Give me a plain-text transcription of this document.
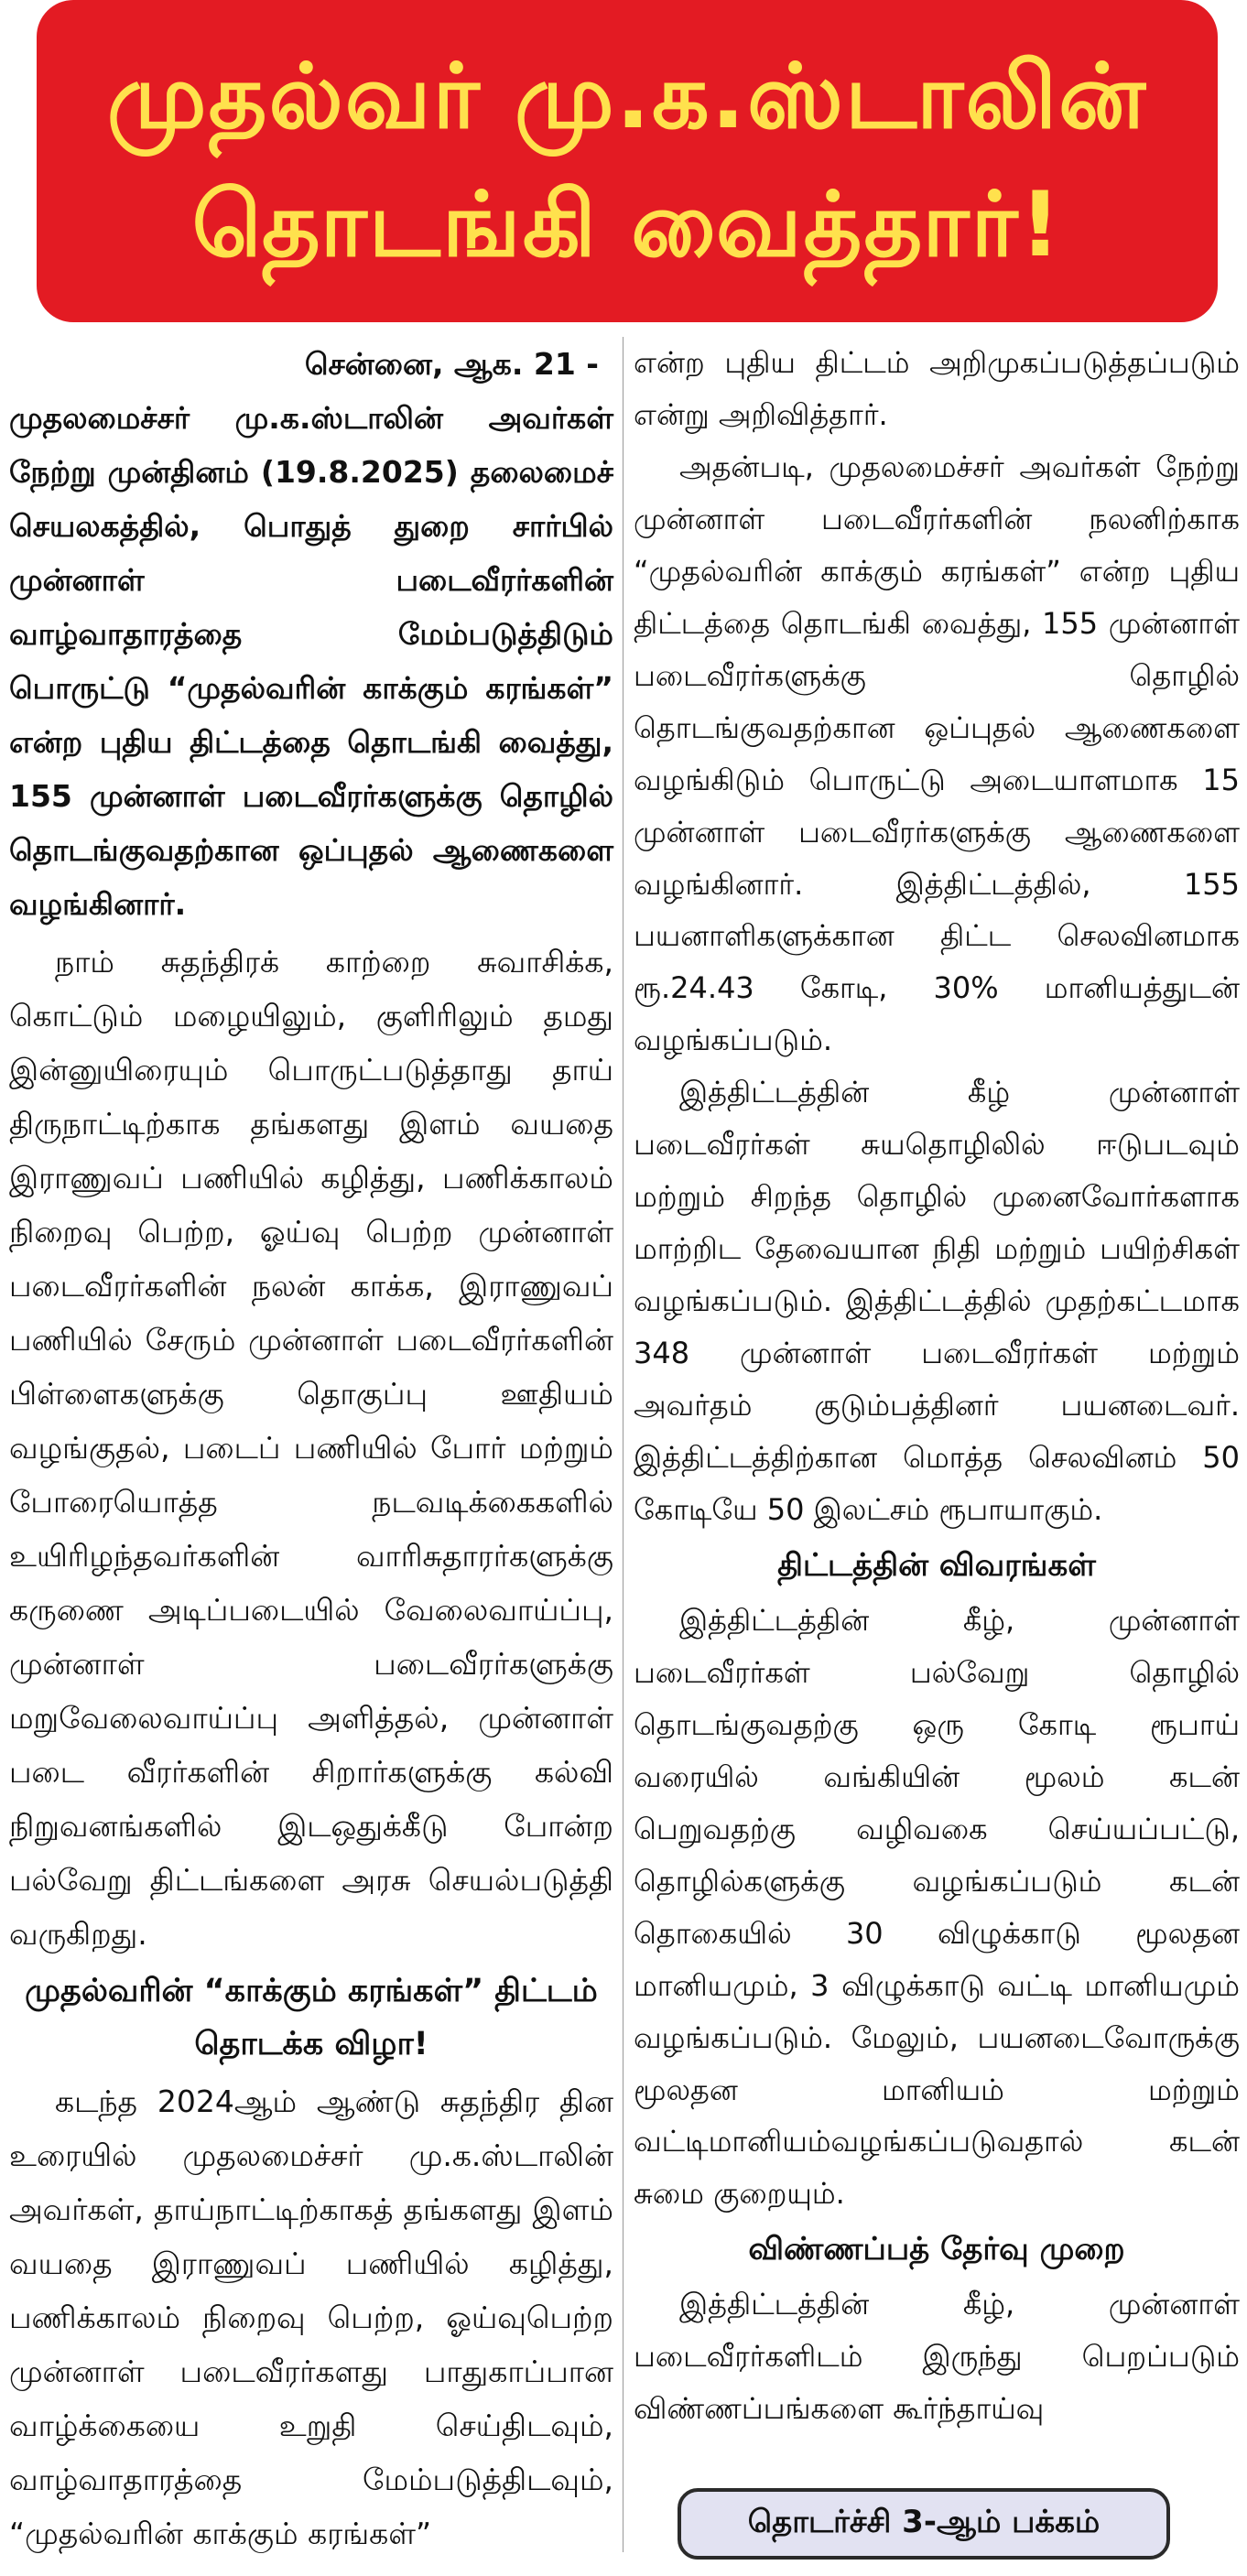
முதல்வர் மு.க.ஸ்டாலின்
தொடங்கி வைத்தார்!

சென்னை, ஆக. 21 -

முதலமைச்சர் மு.க.ஸ்டாலின் அவர்கள் நேற்று முன்தினம் (19.8.2025) தலைமைச் செயலகத்தில், பொதுத் துறை சார்பில் முன்னாள் படைவீரர்களின் வாழ்வாதாரத்தை மேம்படுத்திடும் பொருட்டு “முதல்வரின் காக்கும் கரங்கள்” என்ற புதிய திட்டத்தை தொடங்கி வைத்து, 155 முன்னாள் படைவீரர்களுக்கு தொழில் தொடங்குவதற்கான ஒப்புதல் ஆணைகளை வழங்கினார்.

நாம் சுதந்திரக் காற்றை சுவாசிக்க, கொட்டும் மழையிலும், குளிரிலும் தமது இன்னுயிரையும் பொருட்படுத்தாது தாய் திருநாட்டிற்காக தங்களது இளம் வயதை இராணுவப் பணியில் கழித்து, பணிக்காலம் நிறைவு பெற்ற, ஓய்வு பெற்ற முன்னாள் படைவீரர்களின் நலன் காக்க, இராணுவப் பணியில் சேரும் முன்னாள் படைவீரர்களின் பிள்ளைகளுக்கு தொகுப்பு ஊதியம் வழங்குதல், படைப் பணியில் போர் மற்றும் போரையொத்த நடவடிக்கைகளில் உயிரிழந்தவர்களின் வாரிசுதாரர்களுக்கு கருணை அடிப்படையில் வேலைவாய்ப்பு, முன்னாள் படைவீரர்களுக்கு மறுவேலைவாய்ப்பு அளித்தல், முன்னாள் படை வீரர்களின் சிறார்களுக்கு கல்வி நிறுவனங்களில் இடஒதுக்கீடு போன்ற பல்வேறு திட்டங்களை அரசு செயல்படுத்தி வருகிறது.

முதல்வரின் “காக்கும் கரங்கள்” திட்டம் தொடக்க விழா!

கடந்த 2024ஆம் ஆண்டு சுதந்திர தின உரையில் முதலமைச்சர் மு.க.ஸ்டாலின் அவர்கள், தாய்நாட்டிற்காகத் தங்களது இளம் வயதை இராணுவப் பணியில் கழித்து, பணிக்காலம் நிறைவு பெற்ற, ஓய்வுபெற்ற முன்னாள் படைவீரர்களது பாதுகாப்பான வாழ்க்கையை உறுதி செய்திடவும், வாழ்வாதாரத்தை மேம்படுத்திடவும், “முதல்வரின் காக்கும் கரங்கள்”

என்ற புதிய திட்டம் அறிமுகப்படுத்தப்படும் என்று அறிவித்தார்.

அதன்படி, முதலமைச்சர் அவர்கள் நேற்று முன்னாள் படைவீரர்களின் நலனிற்காக “முதல்வரின் காக்கும் கரங்கள்” என்ற புதிய திட்டத்தை தொடங்கி வைத்து, 155 முன்னாள் படைவீரர்களுக்கு தொழில் தொடங்குவதற்கான ஒப்புதல் ஆணைகளை வழங்கிடும் பொருட்டு அடையாளமாக 15 முன்னாள் படைவீரர்களுக்கு ஆணைகளை வழங்கினார். இத்திட்டத்தில், 155 பயனாளிகளுக்கான திட்ட செலவினமாக ரூ.24.43 கோடி, 30% மானியத்துடன் வழங்கப்படும்.

இத்திட்டத்தின் கீழ் முன்னாள் படைவீரர்கள் சுயதொழிலில் ஈடுபடவும் மற்றும் சிறந்த தொழில் முனைவோர்களாக மாற்றிட தேவையான நிதி மற்றும் பயிற்சிகள் வழங்கப்படும். இத்திட்டத்தில் முதற்கட்டமாக 348 முன்னாள் படைவீரர்கள் மற்றும் அவர்தம் குடும்பத்தினர் பயனடைவர். இத்திட்டத்திற்கான மொத்த செலவினம் 50 கோடியே 50 இலட்சம் ரூபாயாகும்.

திட்டத்தின் விவரங்கள்

இத்திட்டத்தின் கீழ், முன்னாள் படைவீரர்கள் பல்வேறு தொழில் தொடங்குவதற்கு ஒரு கோடி ரூபாய் வரையில் வங்கியின் மூலம் கடன் பெறுவதற்கு வழிவகை செய்யப்பட்டு, தொழில்களுக்கு வழங்கப்படும் கடன் தொகையில் 30 விழுக்காடு மூலதன மானியமும், 3 விழுக்காடு வட்டி மானியமும் வழங்கப்படும். மேலும், பயனடைவோருக்கு மூலதன மானியம் மற்றும் வட்டிமானியம்வழங்கப்படுவதால் கடன் சுமை குறையும்.

விண்ணப்பத் தேர்வு முறை

இத்திட்டத்தின் கீழ், முன்னாள் படைவீரர்களிடம் இருந்து பெறப்படும் விண்ணப்பங்களை கூர்ந்தாய்வு

தொடர்ச்சி 3-ஆம் பக்கம்
